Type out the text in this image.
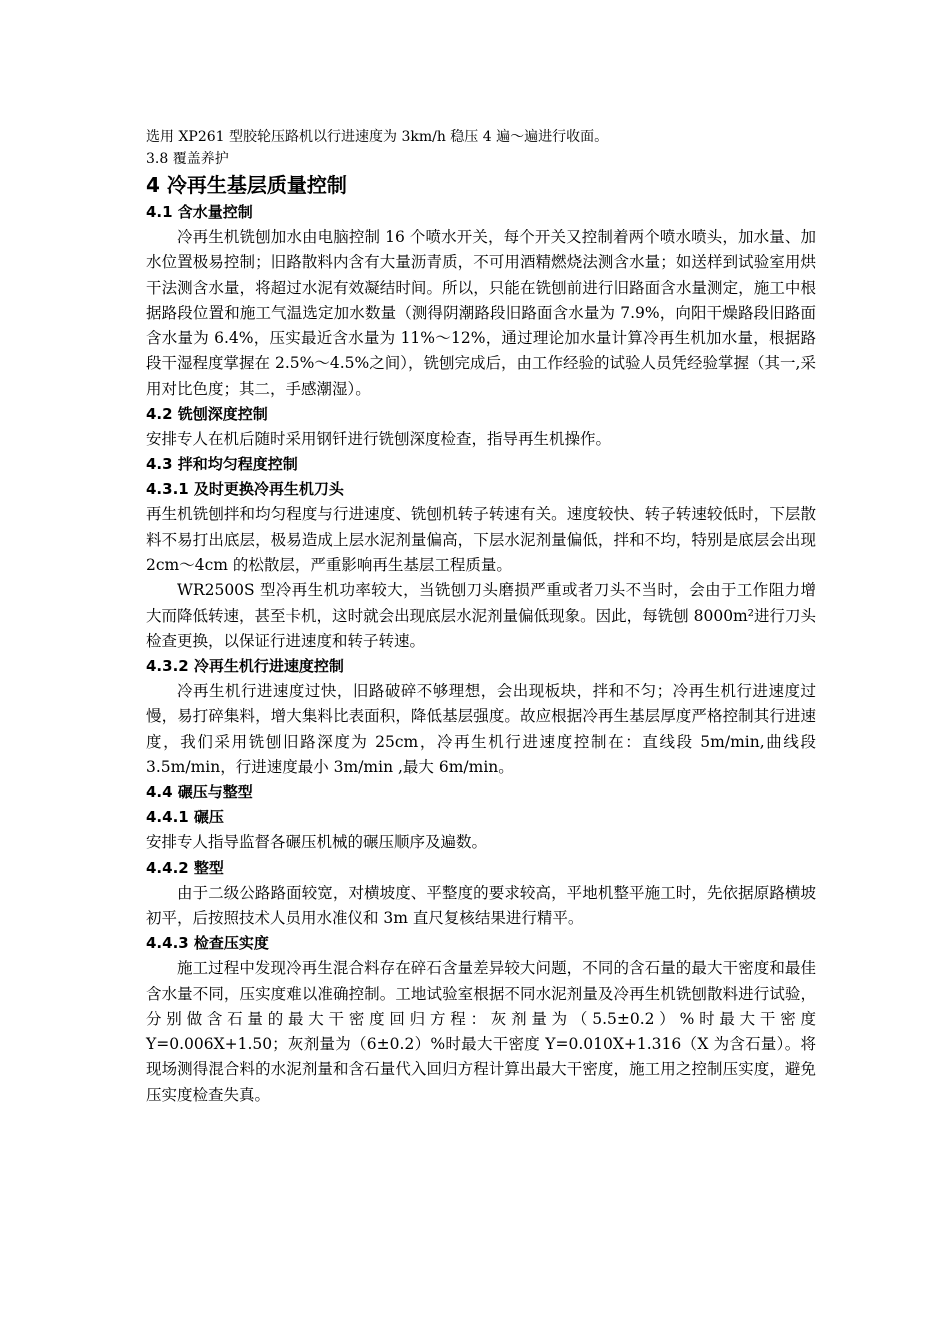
选用 XP261 型胶轮压路机以行进速度为 3km/h 稳压 4 遍～遍进行收面。

3.8 覆盖养护

4 冷再生基层质量控制

4.1 含水量控制

冷再生机铣刨加水由电脑控制 16 个喷水开关，每个开关又控制着两个喷水喷头，加水量、加水位置极易控制；旧路散料内含有大量沥青质，不可用酒精燃烧法测含水量；如送样到试验室用烘干法测含水量，将超过水泥有效凝结时间。所以，只能在铣刨前进行旧路面含水量测定，施工中根据路段位置和施工气温选定加水数量（测得阴潮路段旧路面含水量为 7.9%，向阳干燥路段旧路面含水量为 6.4%，压实最近含水量为 11%～12%，通过理论加水量计算冷再生机加水量，根据路段干湿程度掌握在 2.5%～4.5%之间），铣刨完成后，由工作经验的试验人员凭经验掌握（其一,采用对比色度；其二，手感潮湿）。

4.2 铣刨深度控制

安排专人在机后随时采用钢钎进行铣刨深度检查，指导再生机操作。

4.3 拌和均匀程度控制

4.3.1 及时更换冷再生机刀头

再生机铣刨拌和均匀程度与行进速度、铣刨机转子转速有关。速度较快、转子转速较低时，下层散料不易打出底层，极易造成上层水泥剂量偏高，下层水泥剂量偏低，拌和不均，特别是底层会出现 2cm～4cm 的松散层，严重影响再生基层工程质量。

WR2500S 型冷再生机功率较大，当铣刨刀头磨损严重或者刀头不当时，会由于工作阻力增大而降低转速，甚至卡机，这时就会出现底层水泥剂量偏低现象。因此，每铣刨 8000m²进行刀头检查更换，以保证行进速度和转子转速。

4.3.2 冷再生机行进速度控制

冷再生机行进速度过快，旧路破碎不够理想，会出现板块，拌和不匀；冷再生机行进速度过慢，易打碎集料，增大集料比表面积，降低基层强度。故应根据冷再生基层厚度严格控制其行进速度，我们采用铣刨旧路深度为 25cm，冷再生机行进速度控制在：直线段 5m/min,曲线段 3.5m/min，行进速度最小 3m/min ,最大 6m/min。

4.4 碾压与整型

4.4.1 碾压

安排专人指导监督各碾压机械的碾压顺序及遍数。

4.4.2 整型

由于二级公路路面较宽，对横坡度、平整度的要求较高，平地机整平施工时，先依据原路横坡初平，后按照技术人员用水准仪和 3m 直尺复核结果进行精平。

4.4.3 检查压实度

施工过程中发现冷再生混合料存在碎石含量差异较大问题，不同的含石量的最大干密度和最佳含水量不同，压实度难以准确控制。工地试验室根据不同水泥剂量及冷再生机铣刨散料进行试验，分别做含石量的最大干密度回归方程：灰剂量为（5.5±0.2）%时最大干密度 Y=0.006X+1.50；灰剂量为（6±0.2）%时最大干密度 Y=0.010X+1.316（X 为含石量）。将现场测得混合料的水泥剂量和含石量代入回归方程计算出最大干密度，施工用之控制压实度，避免压实度检查失真。
